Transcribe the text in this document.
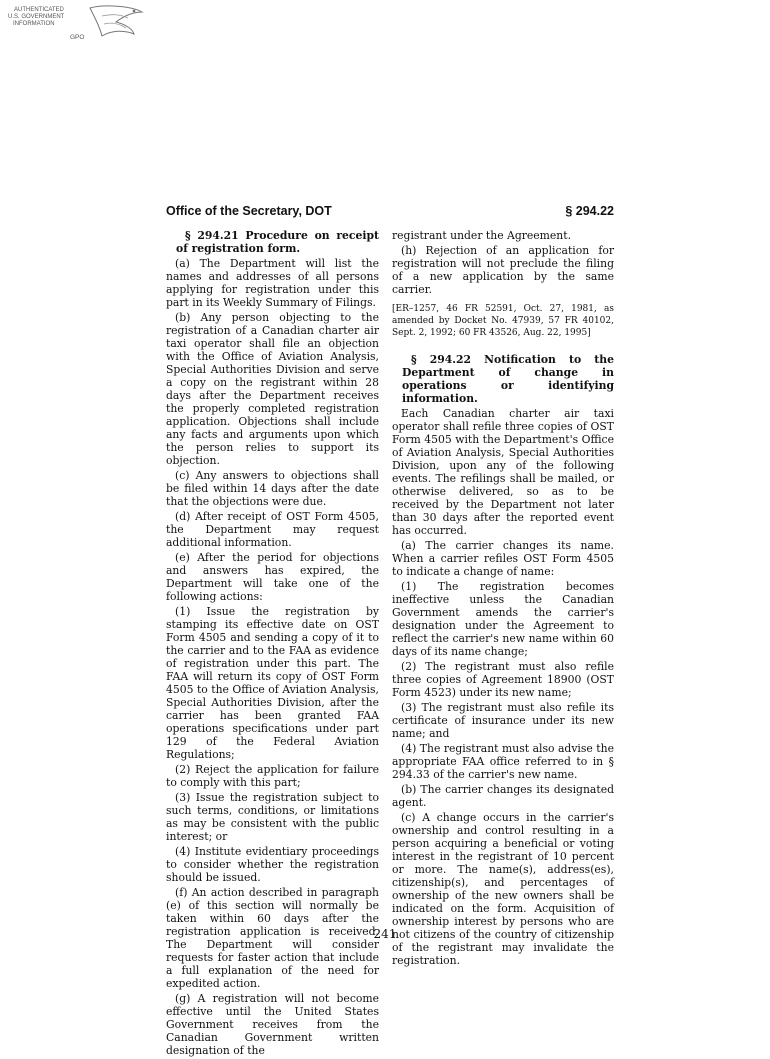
AUTHENTICATED
U.S. GOVERNMENT
INFORMATION
GPO
Office of the Secretary, DOT	§ 294.22

§ 294.21 Procedure on receipt of registration form.

(a) The Department will list the names and addresses of all persons applying for registration under this part in its Weekly Summary of Filings.

(b) Any person objecting to the registration of a Canadian charter air taxi operator shall file an objection with the Office of Aviation Analysis, Special Authorities Division and serve a copy on the registrant within 28 days after the Department receives the properly completed registration application. Objections shall include any facts and arguments upon which the person relies to support its objection.

(c) Any answers to objections shall be filed within 14 days after the date that the objections were due.

(d) After receipt of OST Form 4505, the Department may request additional information.

(e) After the period for objections and answers has expired, the Department will take one of the following actions:

(1) Issue the registration by stamping its effective date on OST Form 4505 and sending a copy of it to the carrier and to the FAA as evidence of registration under this part. The FAA will return its copy of OST Form 4505 to the Office of Aviation Analysis, Special Authorities Division, after the carrier has been granted FAA operations specifications under part 129 of the Federal Aviation Regulations;

(2) Reject the application for failure to comply with this part;

(3) Issue the registration subject to such terms, conditions, or limitations as may be consistent with the public interest; or

(4) Institute evidentiary proceedings to consider whether the registration should be issued.

(f) An action described in paragraph (e) of this section will normally be taken within 60 days after the registration application is received. The Department will consider requests for faster action that include a full explanation of the need for expedited action.

(g) A registration will not become effective until the United States Government receives from the Canadian Government written designation of the

registrant under the Agreement.

(h) Rejection of an application for registration will not preclude the filing of a new application by the same carrier.

[ER–1257, 46 FR 52591, Oct. 27, 1981, as amended by Docket No. 47939, 57 FR 40102, Sept. 2, 1992; 60 FR 43526, Aug. 22, 1995]

§ 294.22 Notification to the Department of change in operations or identifying information.

Each Canadian charter air taxi operator shall refile three copies of OST Form 4505 with the Department's Office of Aviation Analysis, Special Authorities Division, upon any of the following events. The refilings shall be mailed, or otherwise delivered, so as to be received by the Department not later than 30 days after the reported event has occurred.

(a) The carrier changes its name. When a carrier refiles OST Form 4505 to indicate a change of name:

(1) The registration becomes ineffective unless the Canadian Government amends the carrier's designation under the Agreement to reflect the carrier's new name within 60 days of its name change;

(2) The registrant must also refile three copies of Agreement 18900 (OST Form 4523) under its new name;

(3) The registrant must also refile its certificate of insurance under its new name; and

(4) The registrant must also advise the appropriate FAA office referred to in § 294.33 of the carrier's new name.

(b) The carrier changes its designated agent.

(c) A change occurs in the carrier's ownership and control resulting in a person acquiring a beneficial or voting interest in the registrant of 10 percent or more. The name(s), address(es), citizenship(s), and percentages of ownership of the new owners shall be indicated on the form. Acquisition of ownership interest by persons who are not citizens of the country of citizenship of the registrant may invalidate the registration.

241
